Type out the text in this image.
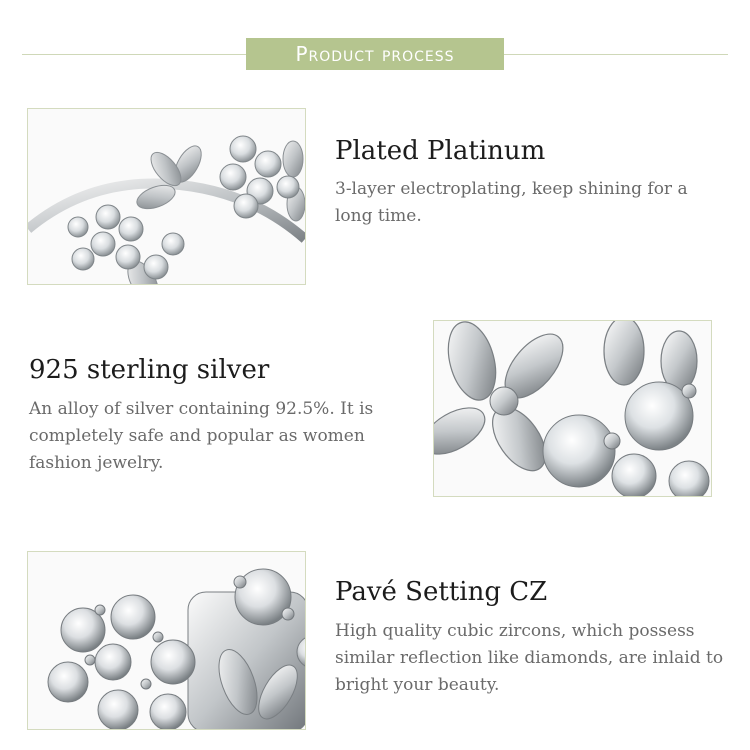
Product process
Plated Platinum
3-layer electroplating, keep shining for a long time.
925 sterling silver
An alloy of silver containing 92.5%. It is completely safe and popular as women fashion jewelry.
Pavé Setting CZ
High quality cubic zircons, which possess similar reflection like diamonds, are inlaid to bright your beauty.
